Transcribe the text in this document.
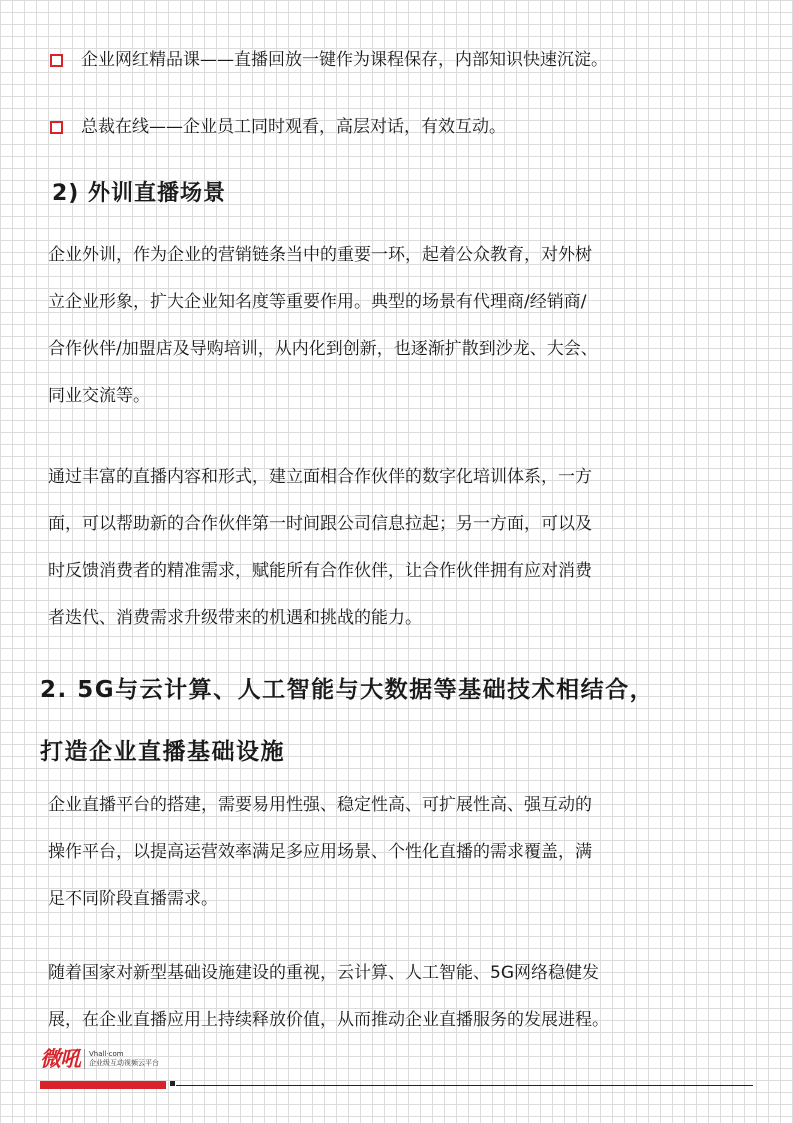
企业网红精品课——直播回放一键作为课程保存，内部知识快速沉淀。
总裁在线——企业员工同时观看，高层对话，有效互动。
2) 外训直播场景

企业外训，作为企业的营销链条当中的重要一环，起着公众教育，对外树
立企业形象，扩大企业知名度等重要作用。典型的场景有代理商/经销商/
合作伙伴/加盟店及导购培训，从内化到创新，也逐渐扩散到沙龙、大会、
同业交流等。

通过丰富的直播内容和形式，建立面相合作伙伴的数字化培训体系，一方
面，可以帮助新的合作伙伴第一时间跟公司信息拉起；另一方面，可以及
时反馈消费者的精准需求，赋能所有合作伙伴，让合作伙伴拥有应对消费
者迭代、消费需求升级带来的机遇和挑战的能力。

2. 5G与云计算、人工智能与大数据等基础技术相结合，
打造企业直播基础设施

企业直播平台的搭建，需要易用性强、稳定性高、可扩展性高、强互动的
操作平台，以提高运营效率满足多应用场景、个性化直播的需求覆盖，满
足不同阶段直播需求。

随着国家对新型基础设施建设的重视，云计算、人工智能、5G网络稳健发
展，在企业直播应用上持续释放价值，从而推动企业直播服务的发展进程。

微吼 Vhall·com
企业级互动视频云平台
